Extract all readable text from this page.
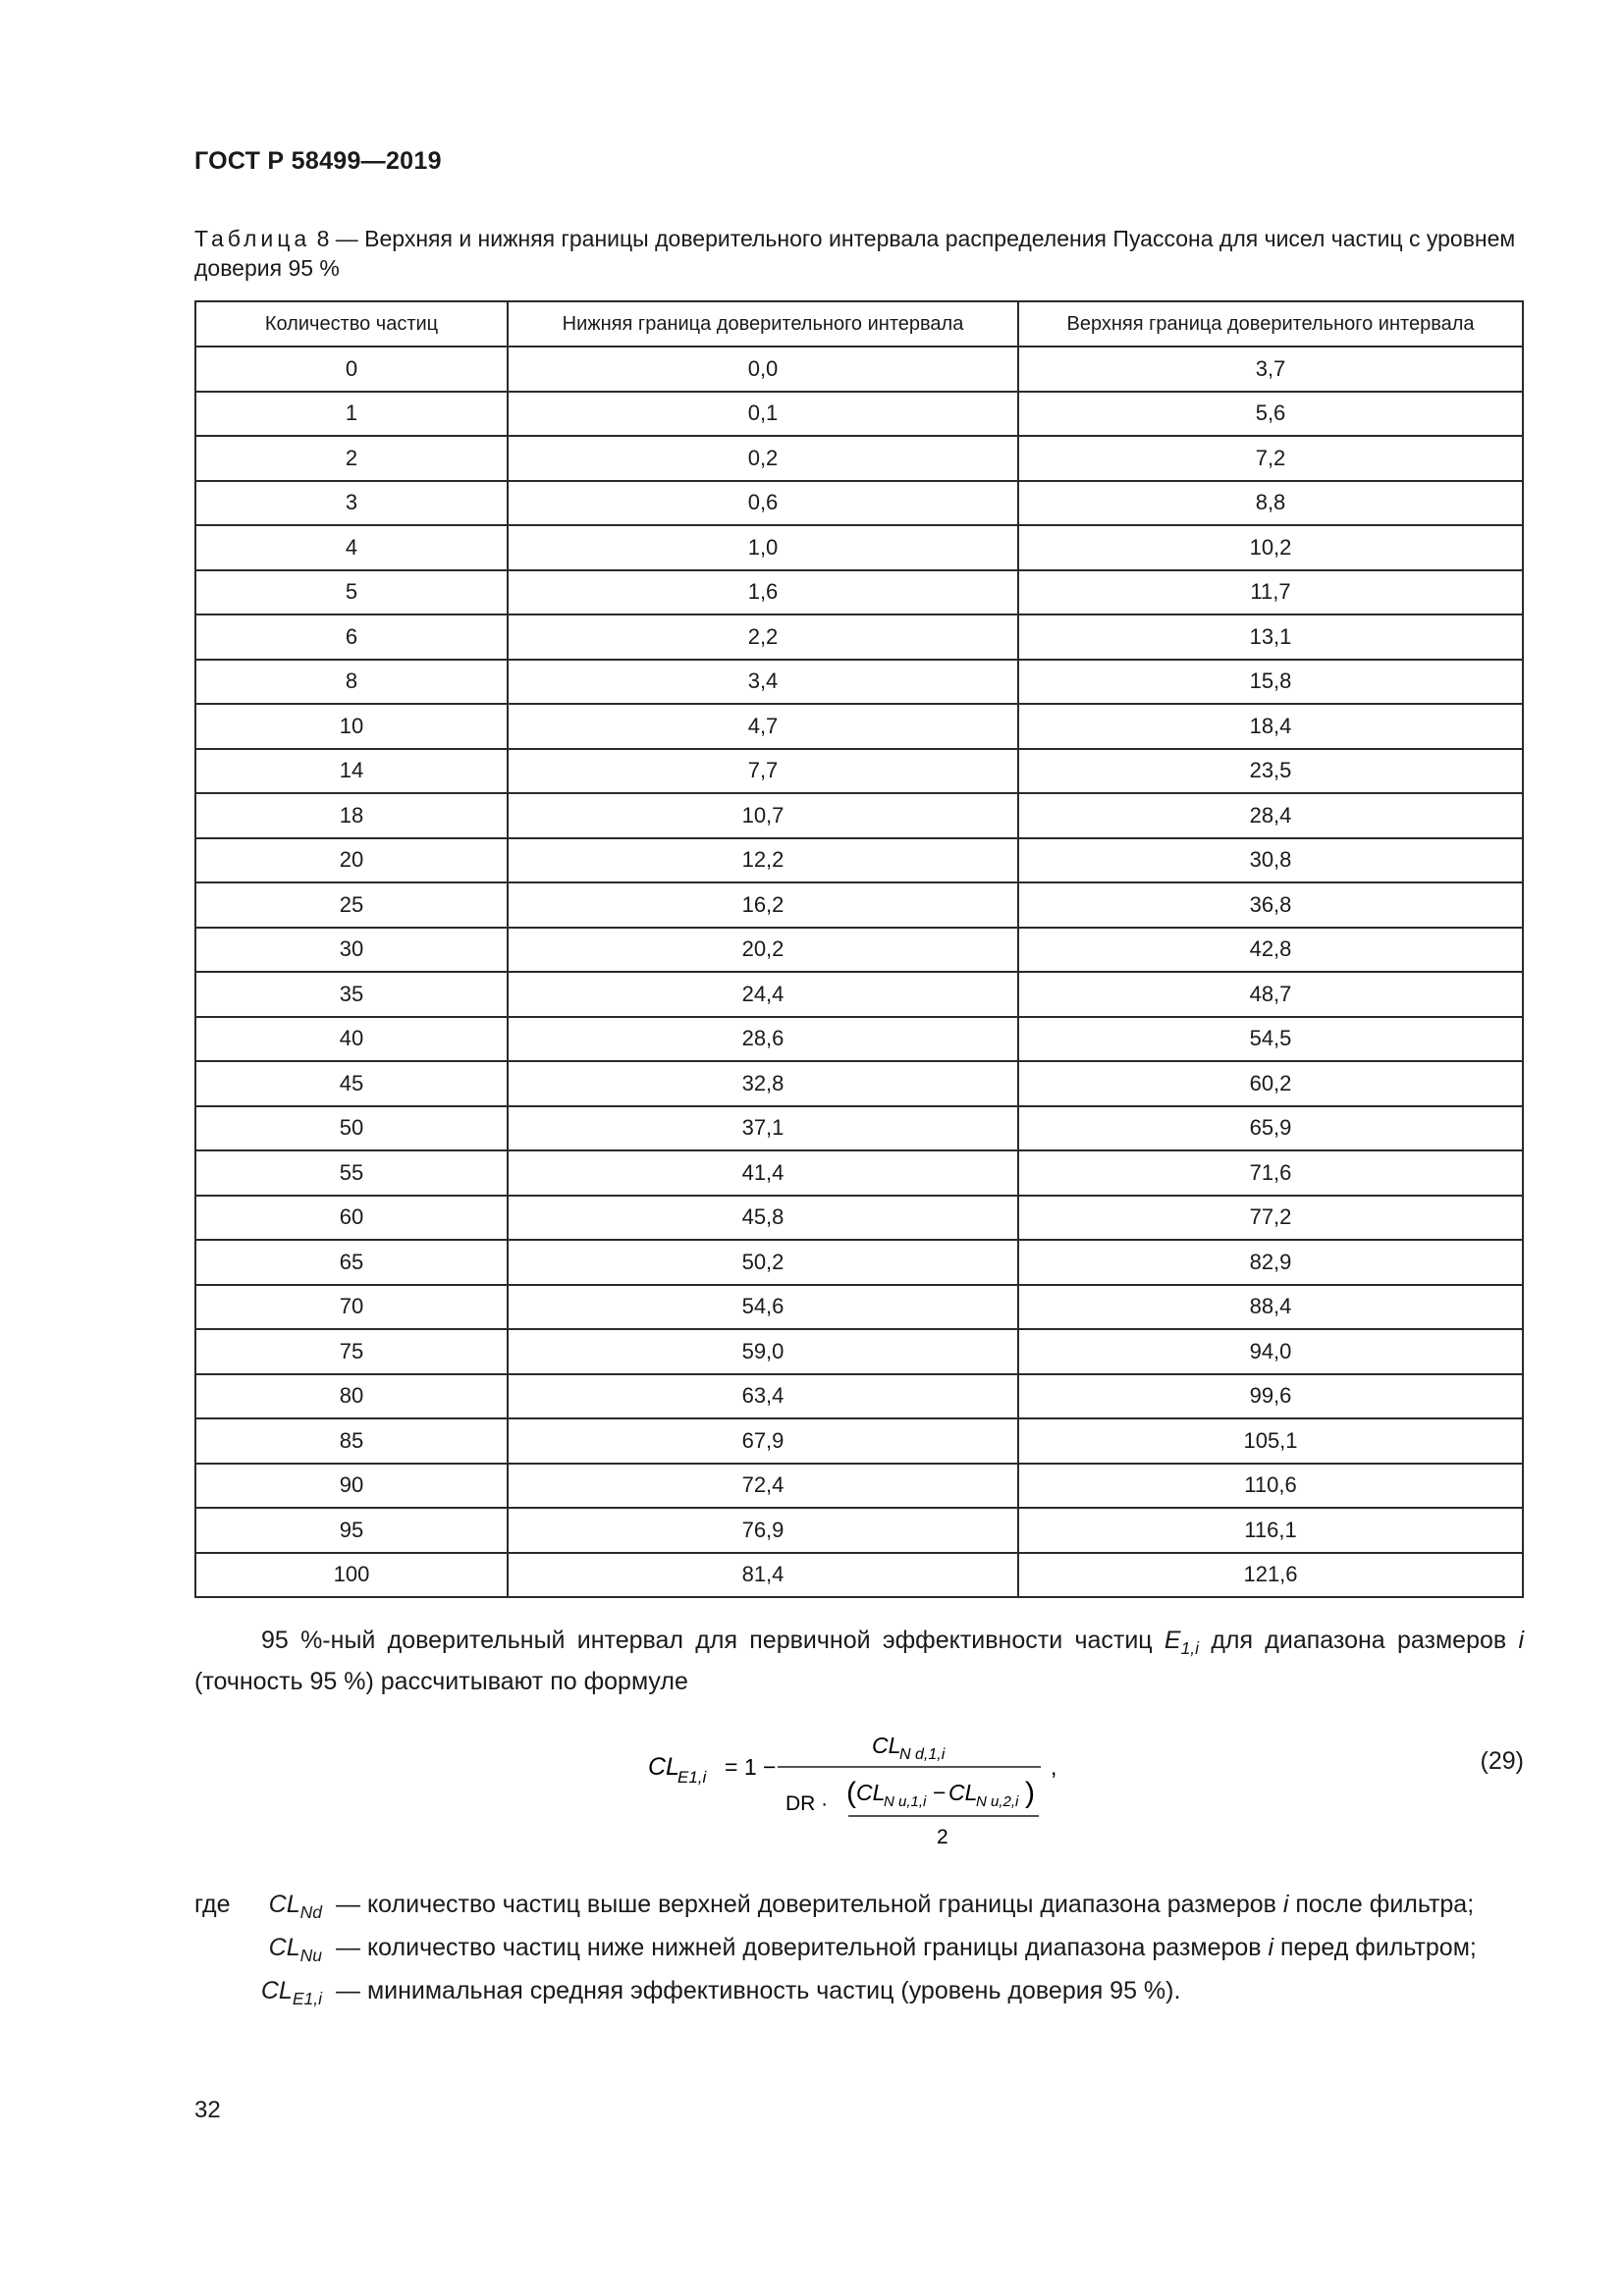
ГОСТ Р 58499—2019
Таблица 8 — Верхняя и нижняя границы доверительного интервала распределения Пуассона для чисел частиц с уровнем доверия 95 %
Количество частиц	Нижняя граница доверительного интервала	Верхняя граница доверительного интервала
0	0,0	3,7
1	0,1	5,6
2	0,2	7,2
3	0,6	8,8
4	1,0	10,2
5	1,6	11,7
6	2,2	13,1
8	3,4	15,8
10	4,7	18,4
14	7,7	23,5
18	10,7	28,4
20	12,2	30,8
25	16,2	36,8
30	20,2	42,8
35	24,4	48,7
40	28,6	54,5
45	32,8	60,2
50	37,1	65,9
55	41,4	71,6
60	45,8	77,2
65	50,2	82,9
70	54,6	88,4
75	59,0	94,0
80	63,4	99,6
85	67,9	105,1
90	72,4	110,6
95	76,9	116,1
100	81,4	121,6
95 %-ный доверительный интервал для первичной эффективности частиц $E_{1,i}$ для диапазона размеров i (точность 95 %) рассчитывают по формуле
CL
E1,i = 1 −
CL
N d,1,i
DR · ( CL
N u,1,i − CL
N u,2,i )
2
,	(29)
где $CL_{Nd}$ — количество частиц выше верхней доверительной границы диапазона размеров i после фильтра;
$CL_{Nu}$ — количество частиц ниже нижней доверительной границы диапазона размеров i перед фильтром;
$CL_{E1,i}$ — минимальная средняя эффективность частиц (уровень доверия 95 %).
32
